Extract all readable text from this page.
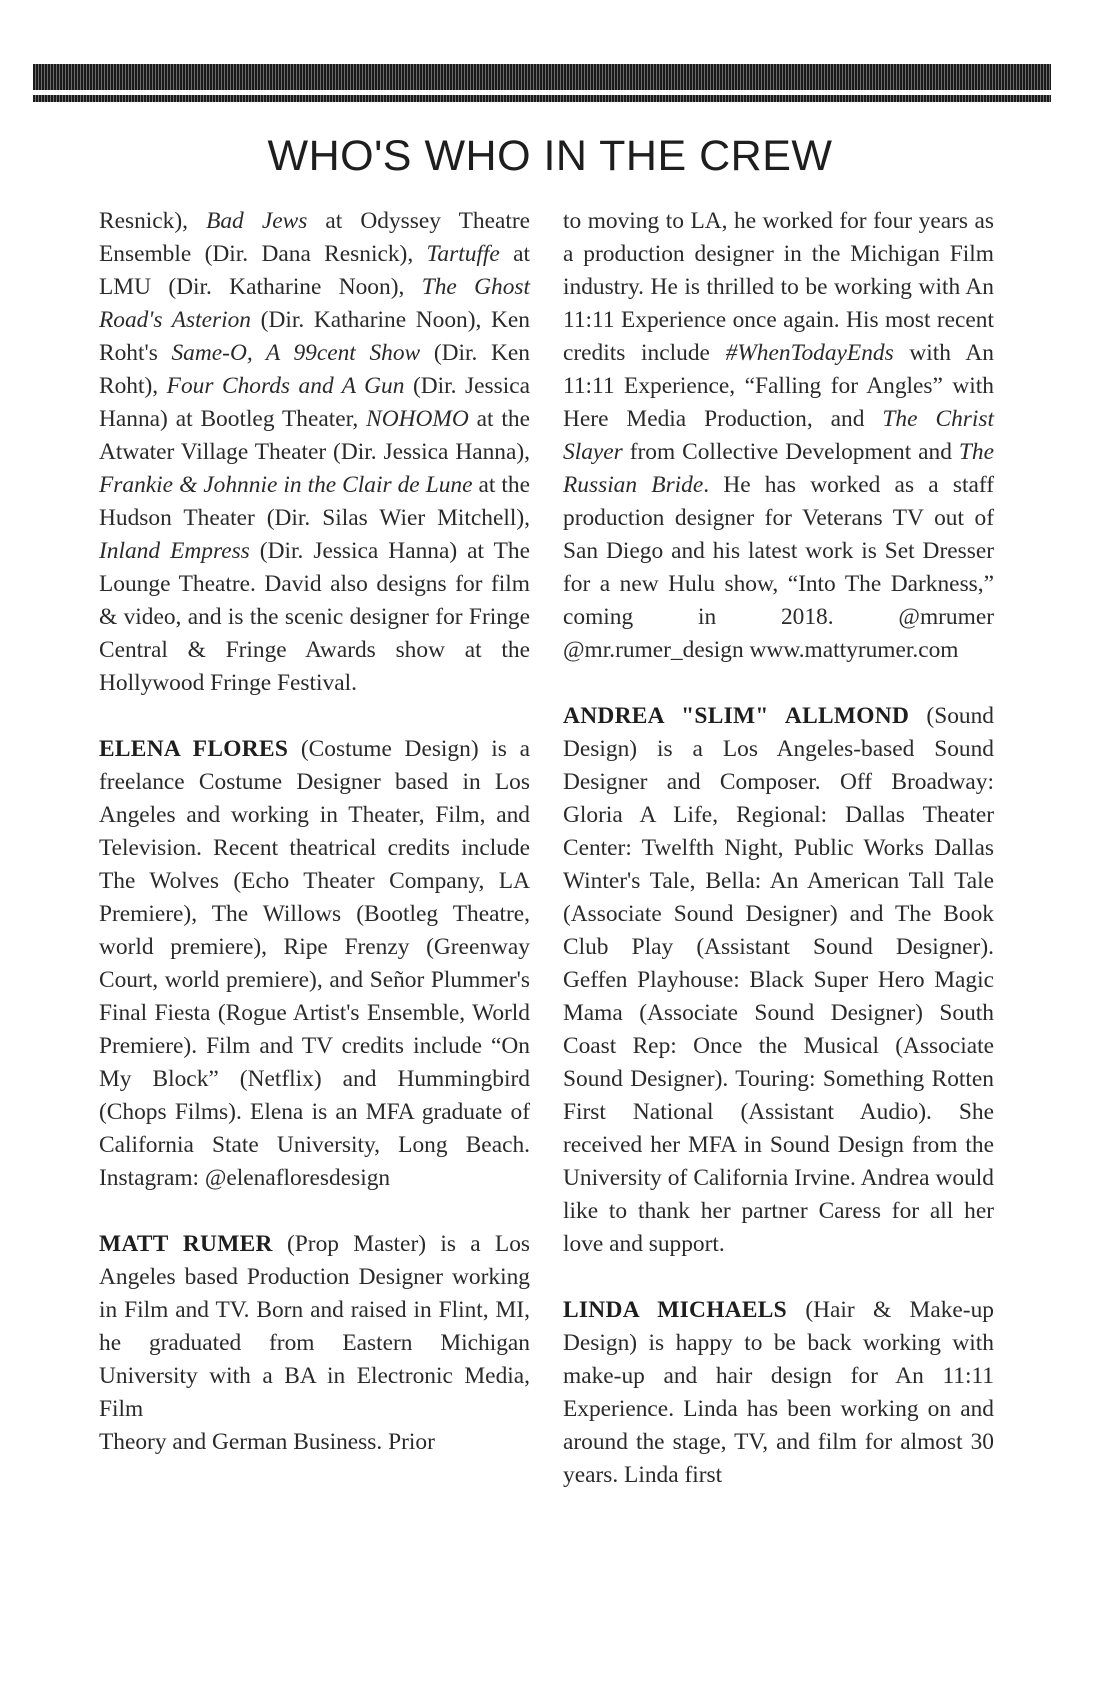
WHO'S WHO IN THE CREW

Resnick), Bad Jews at Odyssey Theatre Ensemble (Dir. Dana Resnick), Tartuffe at LMU (Dir. Katharine Noon), The Ghost Road's Asterion (Dir. Katharine Noon), Ken Roht's Same-O, A 99cent Show (Dir. Ken Roht), Four Chords and A Gun (Dir. Jessica Hanna) at Bootleg Theater, NOHOMO at the Atwater Village Theater (Dir. Jessica Hanna), Frankie & Johnnie in the Clair de Lune at the Hudson Theater (Dir. Silas Wier Mitchell), Inland Empress (Dir. Jessica Hanna) at The Lounge Theatre. David also designs for film & video, and is the scenic designer for Fringe Central & Fringe Awards show at the Hollywood Fringe Festival.

ELENA FLORES (Costume Design) is a freelance Costume Designer based in Los Angeles and working in Theater, Film, and Television. Recent theatrical credits include The Wolves (Echo Theater Company, LA Premiere), The Willows (Bootleg Theatre, world premiere), Ripe Frenzy (Greenway Court, world premiere), and Señor Plummer's Final Fiesta (Rogue Artist's Ensemble, World Premiere). Film and TV credits include “On My Block” (Netflix) and Hummingbird (Chops Films). Elena is an MFA graduate of California State University, Long Beach. Instagram: @elenafloresdesign

MATT RUMER (Prop Master) is a Los Angeles based Production Designer working in Film and TV. Born and raised in Flint, MI, he graduated from Eastern Michigan University with a BA in Electronic Media, Film

Theory and German Business. Prior

to moving to LA, he worked for four years as a production designer in the Michigan Film industry. He is thrilled to be working with An 11:11 Experience once again. His most recent credits include #WhenTodayEnds with An 11:11 Experience, “Falling for Angles” with Here Media Production, and The Christ Slayer from Collective Development and The Russian Bride. He has worked as a staff production designer for Veterans TV out of San Diego and his latest work is Set Dresser for a new Hulu show, “Into The Darkness,” coming in 2018. @mrumer @mr.rumer_design www.mattyrumer.com

ANDREA "SLIM" ALLMOND (Sound Design) is a Los Angeles-based Sound Designer and Composer. Off Broadway: Gloria A Life, Regional: Dallas Theater Center: Twelfth Night, Public Works Dallas Winter's Tale, Bella: An American Tall Tale (Associate Sound Designer) and The Book Club Play (Assistant Sound Designer). Geffen Playhouse: Black Super Hero Magic Mama (Associate Sound Designer) South Coast Rep: Once the Musical (Associate Sound Designer). Touring: Something Rotten First National (Assistant Audio). She received her MFA in Sound Design from the University of California Irvine. Andrea would like to thank her partner Caress for all her love and support.

LINDA MICHAELS (Hair & Make-up Design) is happy to be back working with make-up and hair design for An 11:11 Experience. Linda has been working on and around the stage, TV, and film for almost 30 years. Linda first
